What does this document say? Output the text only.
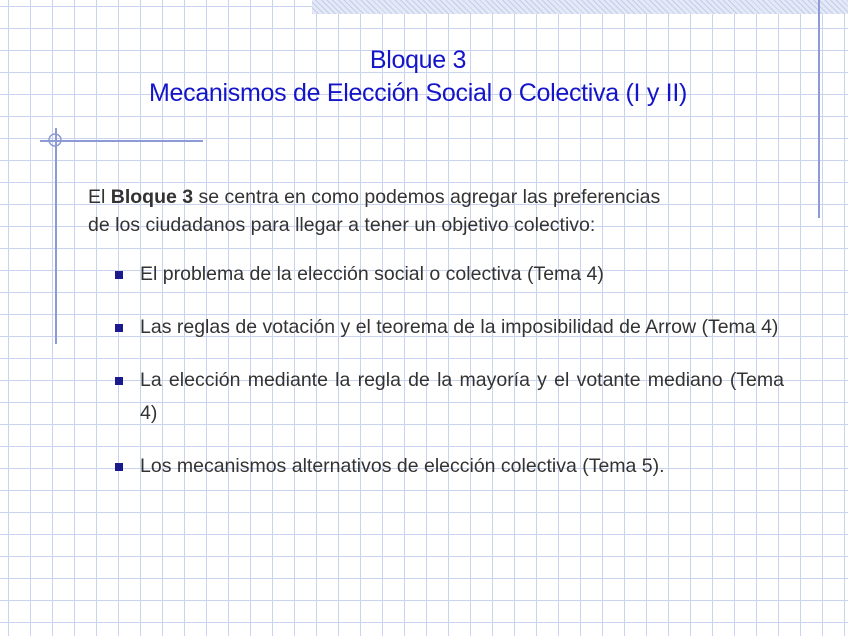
Bloque 3
Mecanismos de Elección Social o Colectiva (I y II)
El Bloque 3 se centra en como podemos agregar las preferencias
de los ciudadanos para llegar a tener un objetivo colectivo:
El problema de la elección social o colectiva (Tema 4)
Las reglas de votación y el teorema de la imposibilidad de Arrow (Tema 4)
La elección mediante la regla de la mayoría y el votante mediano (Tema 4)
Los mecanismos alternativos de elección colectiva (Tema 5).
